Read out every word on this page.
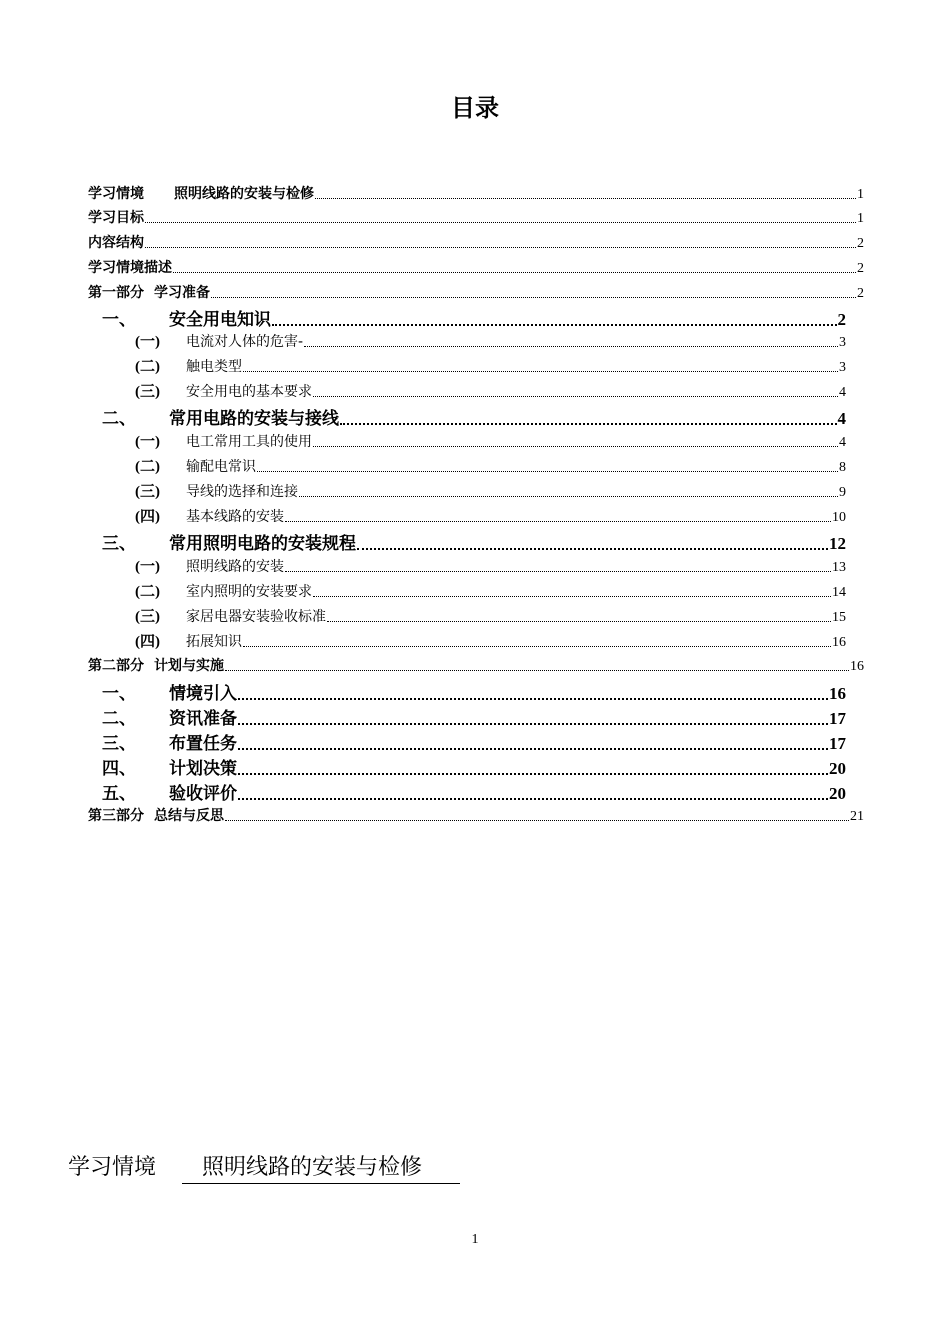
目录
学习情境 照明线路的安装与检修	1
学习目标	1
内容结构	2
学习情境描述	2
第一部分 学习准备	2
一、	安全用电知识	2
(一)	电流对人体的危害-	3
(二)	触电类型	3
(三)	安全用电的基本要求	4
二、	常用电路的安装与接线	4
(一)	电工常用工具的使用	4
(二)	输配电常识	8
(三)	导线的选择和连接	9
(四)	基本线路的安装	10
三、	常用照明电路的安装规程	12
(一)	照明线路的安装	13
(二)	室内照明的安装要求	14
(三)	家居电器安装验收标准	15
(四)	拓展知识	16
第二部分 计划与实施	16
一、	情境引入	16
二、	资讯准备	17
三、	布置任务	17
四、	计划决策	20
五、	验收评价	20
第三部分 总结与反思	21
学习情境 照明线路的安装与检修
1
